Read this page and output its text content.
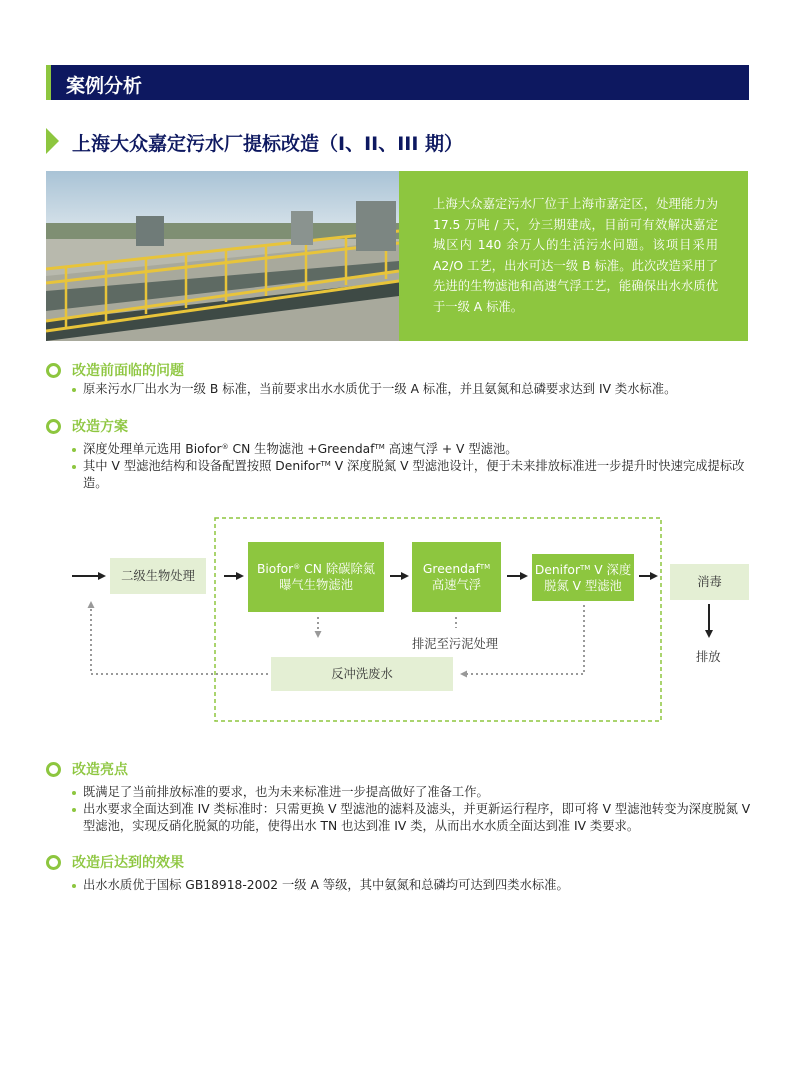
案例分析
上海大众嘉定污水厂提标改造（I、II、III 期）
上海大众嘉定污水厂位于上海市嘉定区，处理能力为 17.5 万吨 / 天，分三期建成，目前可有效解决嘉定城区内 140 余万人的生活污水问题。该项目采用 A2/O 工艺，出水可达一级 B 标准。此次改造采用了先进的生物滤池和高速气浮工艺，能确保出水水质优于一级 A 标准。
改造前面临的问题
原来污水厂出水为一级 B 标准，当前要求出水水质优于一级 A 标准，并且氨氮和总磷要求达到 IV 类水标准。
改造方案
深度处理单元选用 Biofor® CN 生物滤池 +Greendaf™ 高速气浮 + V 型滤池。
其中 V 型滤池结构和设备配置按照 Denifor™ V 深度脱氮 V 型滤池设计，便于未来排放标准进一步提升时快速完成提标改造。
二级生物处理	Biofor® CN 除碳除氮
曝气生物滤池
Greendaf™
高速气浮
Denifor™ V 深度
脱氮 V 型滤池	消毒
排放
排泥至污泥处理
反冲洗废水
改造亮点
既满足了当前排放标准的要求，也为未来标准进一步提高做好了准备工作。
出水要求全面达到准 IV 类标准时：只需更换 V 型滤池的滤料及滤头，并更新运行程序，即可将 V 型滤池转变为深度脱氮 V 型滤池，实现反硝化脱氮的功能，使得出水 TN 也达到准 IV 类，从而出水水质全面达到准 IV 类要求。
改造后达到的效果
出水水质优于国标 GB18918-2002 一级 A 等级，其中氨氮和总磷均可达到四类水标准。
